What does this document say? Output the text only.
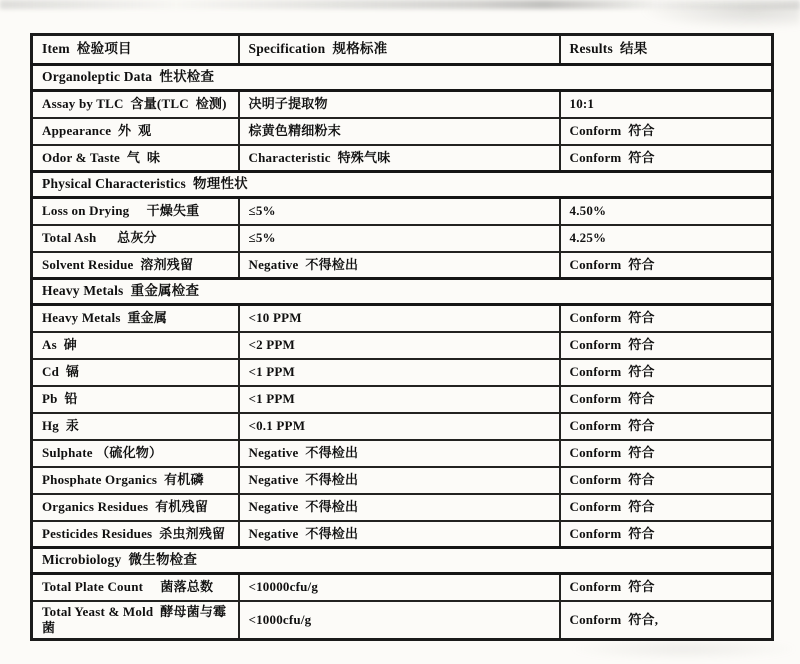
Item  检验项目	Specification  规格标准	Results  结果
Organoleptic Data  性状检查		
Assay by TLC  含量(TLC  检测)	决明子提取物	10:1
Appearance  外  观	棕黄色精细粉末	Conform  符合
Odor & Taste  气  味	Characteristic  特殊气味	Conform  符合
Physical Characteristics  物理性状		
Loss on Drying     干燥失重	≤5%	4.50%
Total Ash      总灰分	≤5%	4.25%
Solvent Residue  溶剂残留	Negative  不得检出	Conform  符合
Heavy Metals  重金属检查		
Heavy Metals  重金属	<10 PPM	Conform  符合
As  砷	<2 PPM	Conform  符合
Cd  镉	<1 PPM	Conform  符合
Pb  铅	<1 PPM	Conform  符合
Hg  汞	<0.1 PPM	Conform  符合
Sulphate （硫化物）	Negative  不得检出	Conform  符合
Phosphate Organics  有机磷	Negative  不得检出	Conform  符合
Organics Residues  有机残留	Negative  不得检出	Conform  符合
Pesticides Residues  杀虫剂残留	Negative  不得检出	Conform  符合
Microbiology  微生物检查		
Total Plate Count     菌落总数	<10000cfu/g	Conform  符合
Total Yeast & Mold  酵母菌与霉菌	<1000cfu/g	Conform  符合,
